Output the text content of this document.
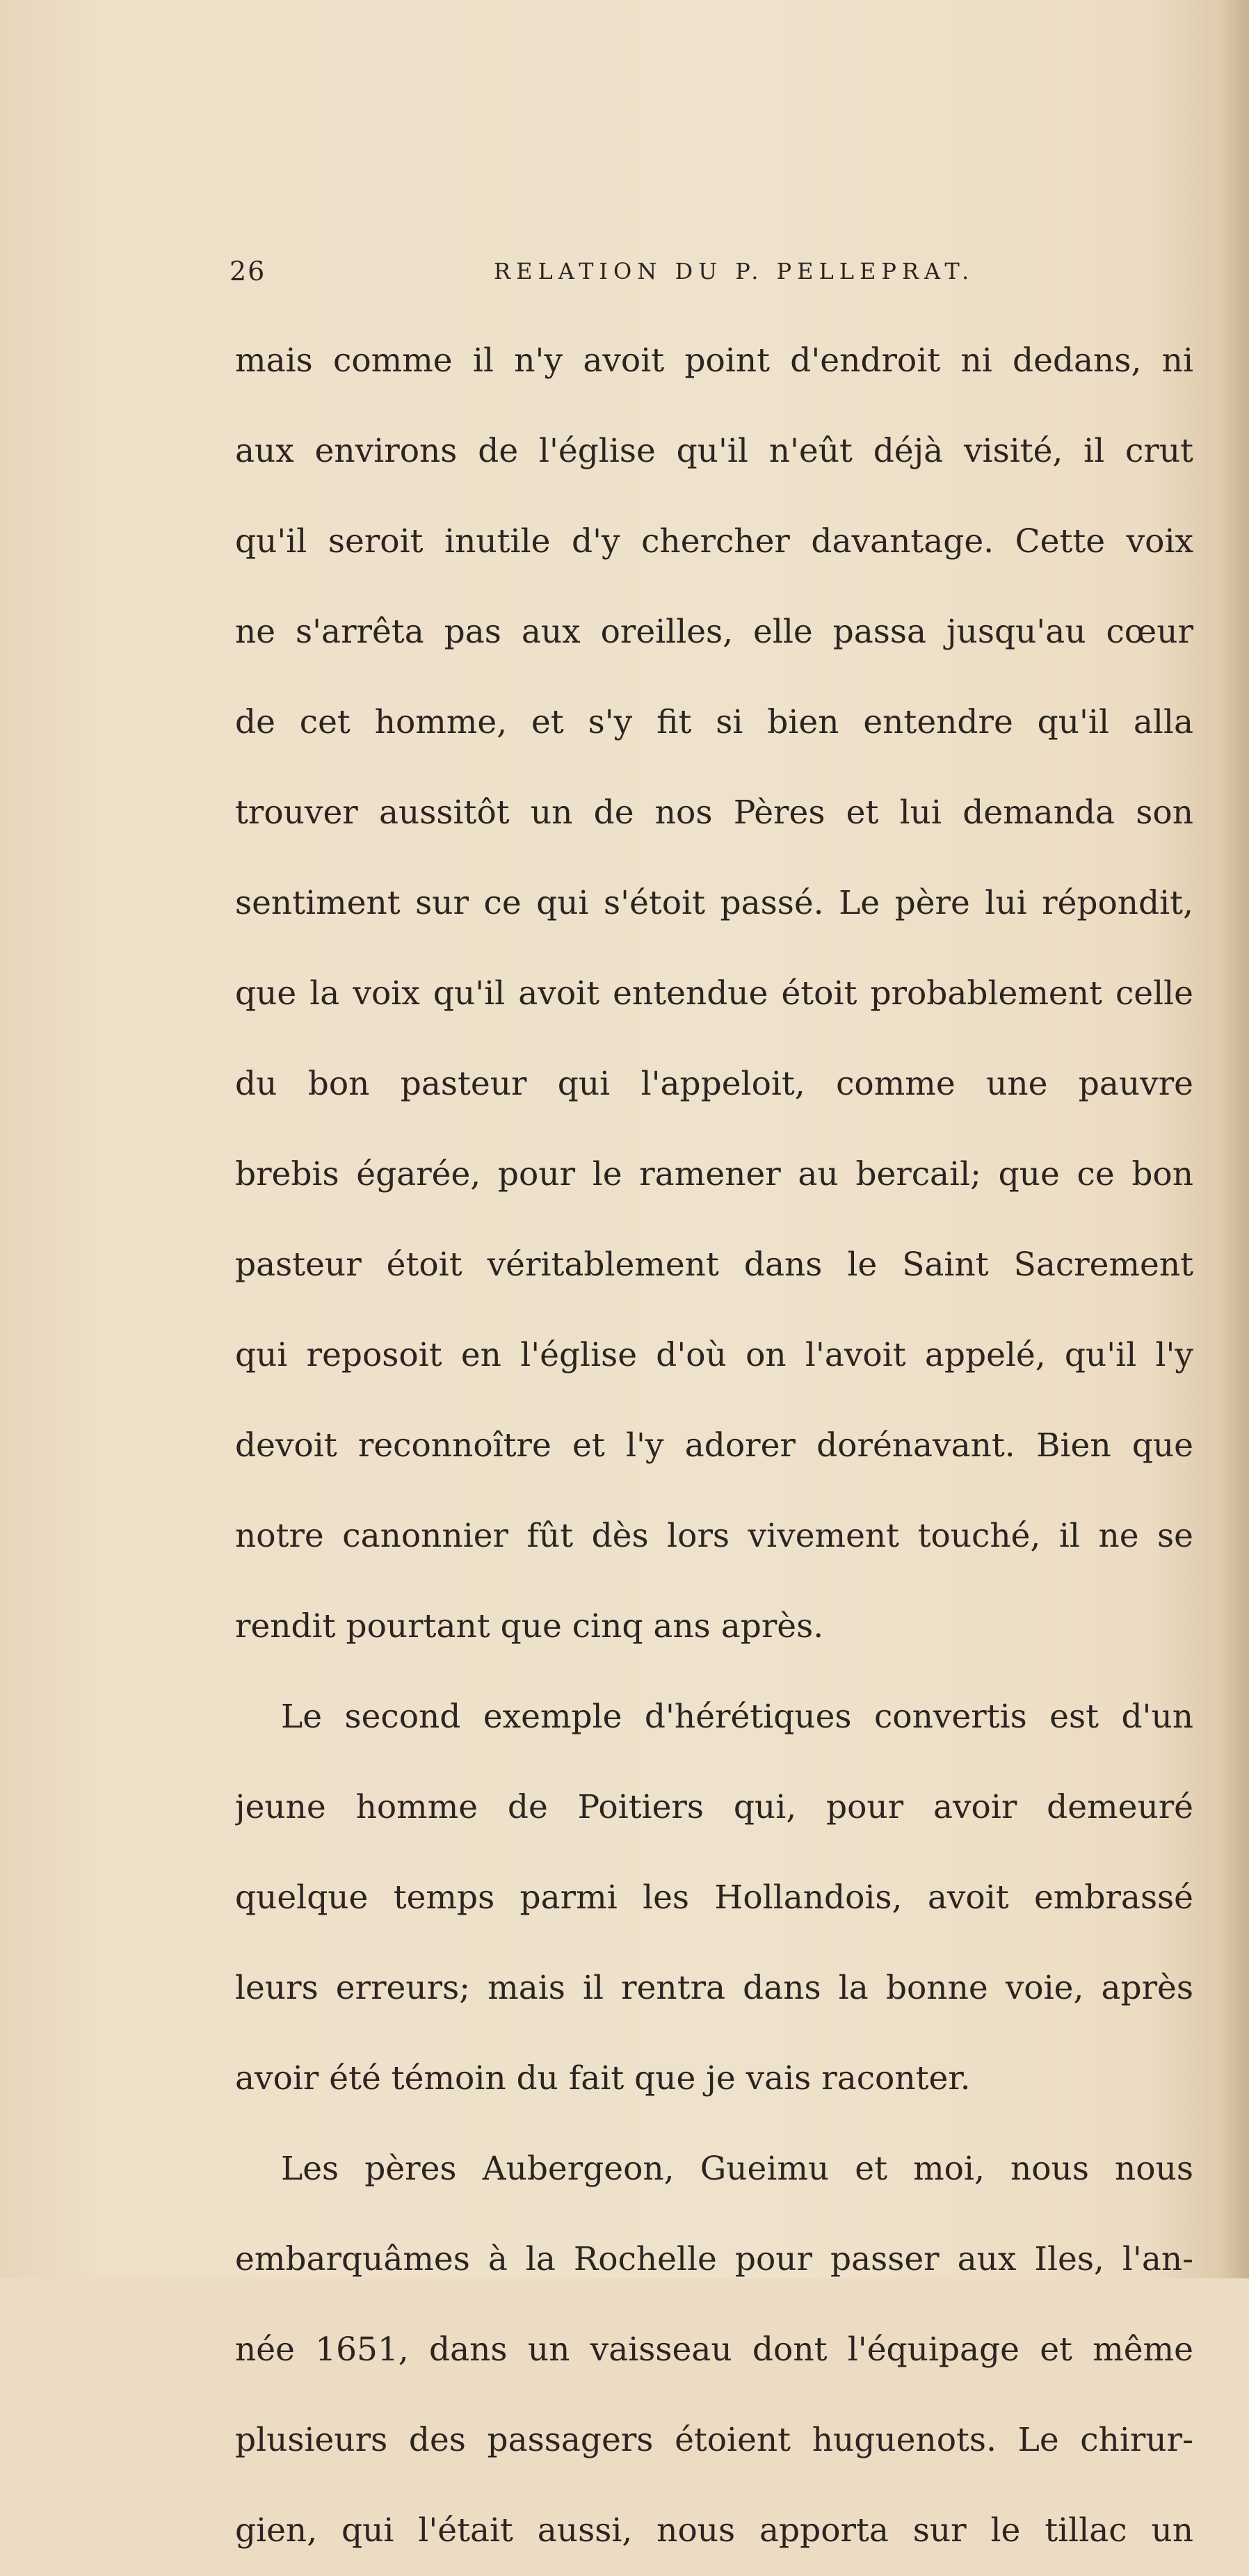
26	RELATION DU P. PELLEPRAT.
mais comme il n'y avoit point d'endroit ni dedans, ni
aux environs de l'église qu'il n'eût déjà visité, il crut
qu'il seroit inutile d'y chercher davantage. Cette voix
ne s'arrêta pas aux oreilles, elle passa jusqu'au cœur
de cet homme, et s'y fit si bien entendre qu'il alla
trouver aussitôt un de nos Pères et lui demanda son
sentiment sur ce qui s'étoit passé. Le père lui répondit,
que la voix qu'il avoit entendue étoit probablement celle
du bon pasteur qui l'appeloit, comme une pauvre
brebis égarée, pour le ramener au bercail; que ce bon
pasteur étoit véritablement dans le Saint Sacrement
qui reposoit en l'église d'où on l'avoit appelé, qu'il l'y
devoit reconnoître et l'y adorer dorénavant. Bien que
notre canonnier fût dès lors vivement touché, il ne se
rendit pourtant que cinq ans après.
Le second exemple d'hérétiques convertis est d'un
jeune homme de Poitiers qui, pour avoir demeuré
quelque temps parmi les Hollandois, avoit embrassé
leurs erreurs; mais il rentra dans la bonne voie, après
avoir été témoin du fait que je vais raconter.
Les pères Aubergeon, Gueimu et moi, nous nous
embarquâmes à la Rochelle pour passer aux Iles, l'an-
née 1651, dans un vaisseau dont l'équipage et même
plusieurs des passagers étoient huguenots. Le chirur-
gien, qui l'était aussi, nous apporta sur le tillac un
